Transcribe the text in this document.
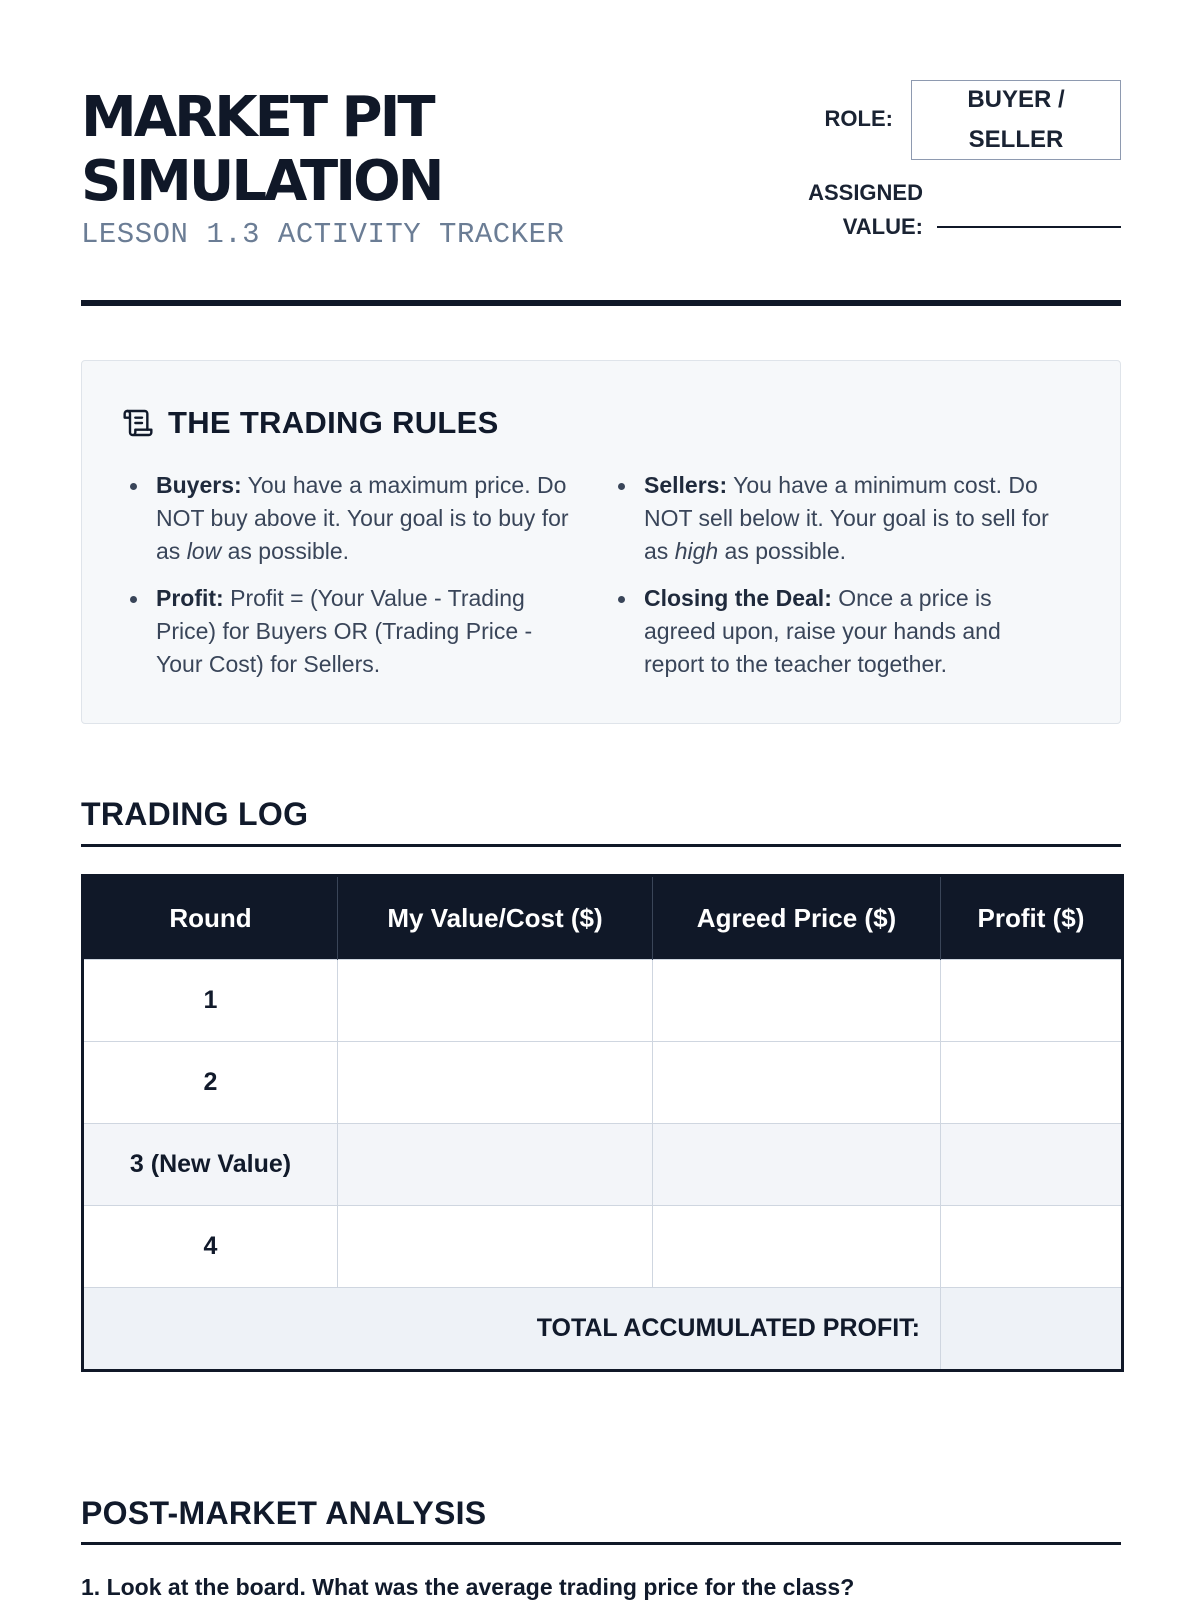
MARKET PIT SIMULATION
LESSON 1.3 ACTIVITY TRACKER
ROLE:
BUYER / SELLER
ASSIGNED VALUE:
THE TRADING RULES
Buyers: You have a maximum price. Do NOT buy above it. Your goal is to buy for as low as possible.
Profit: Profit = (Your Value - Trading Price) for Buyers OR (Trading Price - Your Cost) for Sellers.
Sellers: You have a minimum cost. Do NOT sell below it. Your goal is to sell for as high as possible.
Closing the Deal: Once a price is agreed upon, raise your hands and report to the teacher together.
TRADING LOG
Round	My Value/Cost ($)	Agreed Price ($)	Profit ($)
1			
2			
3 (New Value)			
4			
TOTAL ACCUMULATED PROFIT:			
POST-MARKET ANALYSIS
1. Look at the board. What was the average trading price for the class?
